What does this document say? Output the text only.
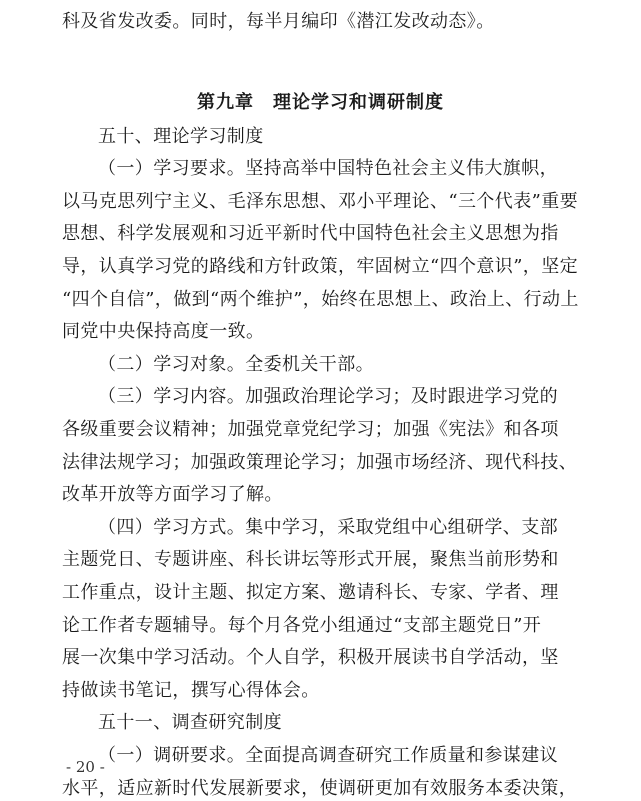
科及省发改委。同时，每半月编印《潜江发改动态》。
第九章　理论学习和调研制度
五十、理论学习制度
（一）学习要求。坚持高举中国特色社会主义伟大旗帜，
以马克思列宁主义、毛泽东思想、邓小平理论、“三个代表”重要
思想、科学发展观和习近平新时代中国特色社会主义思想为指
导，认真学习党的路线和方针政策，牢固树立“四个意识”，坚定
“四个自信”，做到“两个维护”，始终在思想上、政治上、行动上
同党中央保持高度一致。
（二）学习对象。全委机关干部。
（三）学习内容。加强政治理论学习；及时跟进学习党的
各级重要会议精神；加强党章党纪学习；加强《宪法》和各项
法律法规学习；加强政策理论学习；加强市场经济、现代科技、
改革开放等方面学习了解。
（四）学习方式。集中学习，采取党组中心组研学、支部
主题党日、专题讲座、科长讲坛等形式开展，聚焦当前形势和
工作重点，设计主题、拟定方案、邀请科长、专家、学者、理
论工作者专题辅导。每个月各党小组通过“支部主题党日”开
展一次集中学习活动。个人自学，积极开展读书自学活动，坚
持做读书笔记，撰写心得体会。
五十一、调查研究制度
（一）调研要求。全面提高调查研究工作质量和参谋建议
水平，适应新时代发展新要求，使调研更加有效服务本委决策，
- 20 -
